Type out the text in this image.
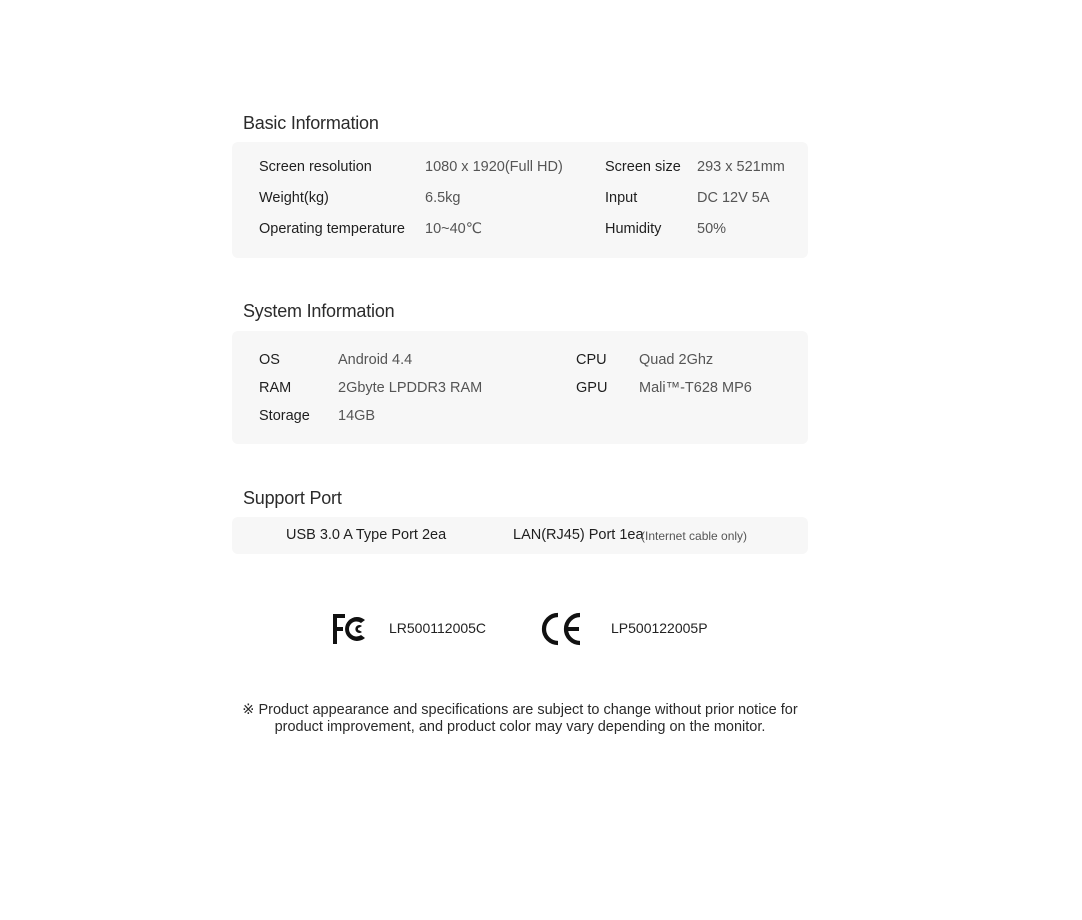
Basic Information
Screen resolution	1080 x 1920(Full HD)	Screen size 293 x 521mm
Weight(kg)	6.5kg	Input	DC 12V 5A
Operating temperature 10~40℃	Humidity 50%
System Information
OS	Android 4.4	CPU Quad 2Ghz
RAM	2Gbyte LPDDR3 RAM	GPU Mali™-T628 MP6
Storage 14GB
Support Port
USB 3.0 A Type Port 2ea	LAN(RJ45) Port 1ea
(Internet cable only)
LR500112005C	LP500122005P
※ Product appearance and specifications are subject to change without prior notice for
product improvement, and product color may vary depending on the monitor.
